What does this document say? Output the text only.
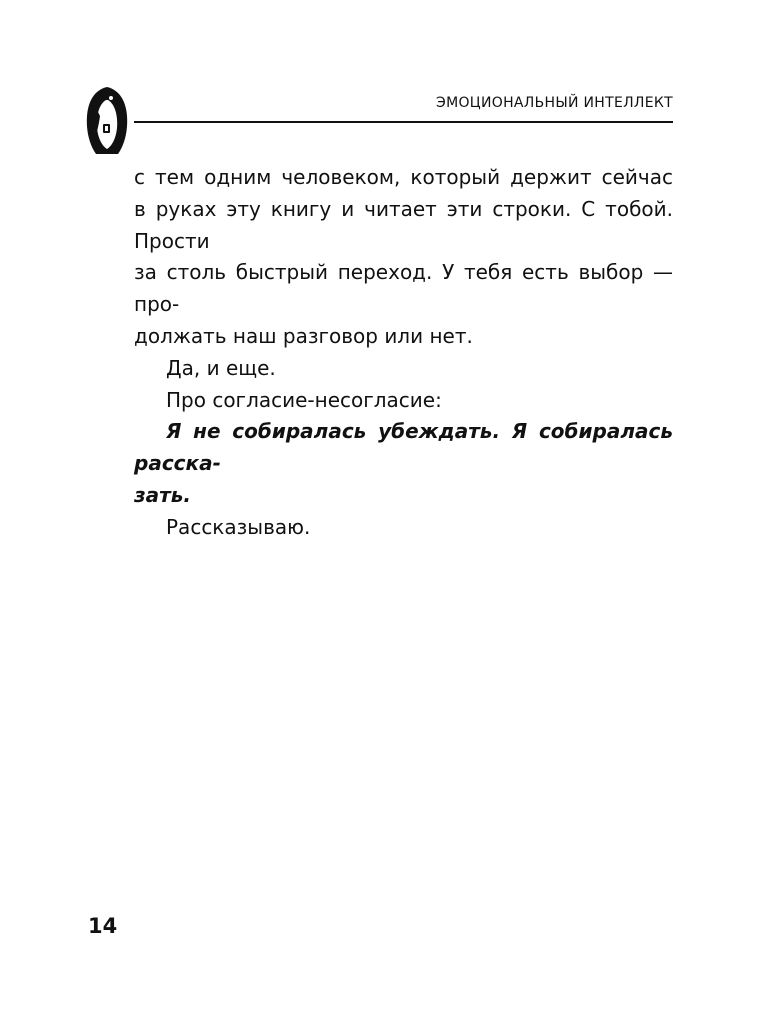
ЭМОЦИОНАЛЬНЫЙ ИНТЕЛЛЕКТ

с тем одним человеком, который держит сейчас
в руках эту книгу и читает эти строки. С тобой. Прости
за столь быстрый переход. У тебя есть выбор — про-
должать наш разговор или нет.

Да, и еще.

Про согласие-несогласие:

Я не собиралась убеждать. Я собиралась расска-
зать.

Рассказываю.

14
